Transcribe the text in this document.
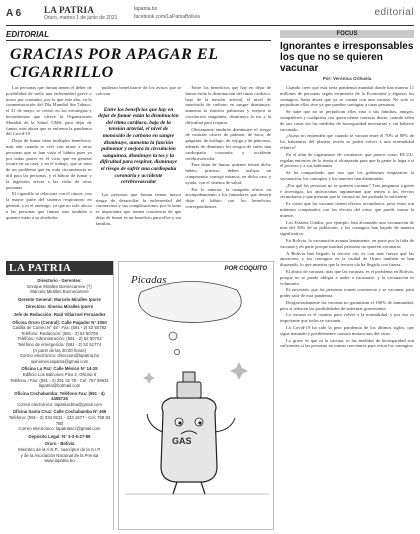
A 6	LA PATRIA
Oruro, martes 1 de junio de 2021
lapatria.bo
facebook.com/LaPatriaBolivia	editorial
EDITORIAL
GRACIAS POR APAGAR EL CIGARRILLO

Las personas que fuman tienen el deber de posibilidad de suelo una enfermedad grave o morir por consumo, por lo que este año, en la conmemoración del Día Mundial Sin Tabaco, el 31 de mayo, se centró en las estrategias y herramientas que ofrece la Organización Mundial de la Salud, OMS, para dejar de fumar, más ahora que se enfrenta la pandemia del Covid-19.

Dejar de fumar tiene múltiples beneficios, más aún cuando se vive con miras a otras personas que se han visto el hábito pues ya por todas partes es el vicio que en general ocurre en su casa, y en el trabajo, que se trata de un problema que en toda circunstancia es útil para las personas, y el hábito de fumar y la ingestión afecta a las vidas de otras personas.

El cigarrillo se relaciona con el cáncer, con la mayor parte del sistema respiratorio en general, y es el enemigo, ya que no solo afecta a las personas que fuman sino también a quienes están a su alrededor.

pudieran beneficiarse de los avisos que se colocan.

Entre los beneficios que hay en dejar de fumar están la disminución del ritmo cardiaco, bajo de la tensión arterial, el nivel de monóxido de carbono en sangre disminuye, aumenta la función pulmonar y mejora la circulación sanguínea, disminuye la tos y la dificultad para respirar, disminuye el riesgo de sufrir una cardiopatía coronaria y accidente cerebrovascular

Las personas que fuman tienen mayor riesgo de desarrollar la enfermedad del coronavirus y sus complicaciones, por lo tanto es importante que tomen conciencia de que dejar de fumar es un beneficio para ellos y sus familias.

Entre los beneficios que hay en dejar de fumar están la disminución del ritmo cardiaco, bajo de la tensión arterial, el nivel de monóxido de carbono en sangre disminuye, aumenta la función pulmonar y mejora la circulación sanguínea, disminuye la tos y la dificultad para respirar.

Obviamente también disminuye el riesgo de contraer cáncer de pulmón, de boca, de garganta, de esófago, de vejiga y de páncreas, además de disminuir los riesgos de sufrir una cardiopatía coronaria y accidente cerebrovascular.

Para dejar de fumar, quienes tienen dicho hábito, primero, deben realizar un compromiso consigo mismos, en dicho caso y ayuda, con el sistema de salud.

Por lo anterior, la campaña ofrece un acompañamiento a los fumadores que deseen dejar el hábito con los beneficios correspondientes.

FOCUS
Ignorantes e irresponsables los que no se quieren vacunar
Por: Verónica Orihuela

Cuando creer que esta seria pandemia mundial donde han muerto 11 millones de personas según estimativa de la Economist y algunos los contagios, hasta ahora que ya se cuenta con una vacuna. No solo se perjudican ellos sino ya que pueden contagiar a otras personas.

Se sabe que no se perjudican ellos sino a sus familias, amigos, compañeros y cualquiera con quien tienen contacto diario, cuando salen de sus casas sin las medidas de bioseguridad necesarias y sin haberse vacunado.

¿Acaso no entienden que cuando se vacuna entre el 70% al 80% de los habitantes del planeta recién se podrá volver a una normalidad relativa?

En el afán de organizarse de vacunarse, que parece como EE.UU. regalan entonces de lo tienta si alcanzarán para que la gente lo haga a sí el proceso y a sus habitantes.

Se ha comprobado que tras que los gobiernos empezaron la vacunación, los contagios y los muertos han disminuido.

¿Por qué las personas no se quieren vacunar? Tras preguntar a gente e investigar, los antivacunas argumentan que temen a los efectos secundarios y que piensan que la vacuna no fue probada lo suficiente.

Es cierto que las vacunas tienen efectos secundarios, pero estos son mínimos comparados con los efectos del virus, que puede causar la muerte.

Los Estados Unidos, por ejemplo, han alcanzado una vacunación de más del 50% de su población, y los contagios han bajado de manera significativa.

En Bolivia, la vacunación avanza lentamente, en parte por la falta de vacunas y en parte porque muchas personas no quieren vacunarse.

A Bolivia han llegado la tercera vía, es con más fuerza que las anteriores, y los contagios en la ciudad de Oruro también se han disparado, lo que muestra que la tercera ola ha llegado con fuerza.

El abuso de vacunas, más que las vacunas, es el problema en Bolivia, porque no se puede obligar a nadie a vacunarse, y la vacunación es voluntaria.

Es necesario que las personas tomen conciencia y se vacunen, para poder salir de esta pandemia.

Desgraciadamente las vacunas no garantizan el 100% de inmunidad, pero sí reducen las posibilidades de enfermar gravemente.

La vacuna es el camino para volver a la normalidad, y por eso es importante que todos se vacunen.

La Covid-19 ha sido la peor pandemia de los últimos siglos, que sigue matando y posiblemente causará mutaciones del virus.

Lo grave es que ni la vacuna, ni las medidas de bioseguridad son suficientes si las personas no toman conciencia para evitar los contagios.

LA PATRIA
Directorio - Gerentes:
Enrique Miralles Bonnecarrere (†)
Marcelo Miralles Bonnecarrere
Gerente General: Marcelo Miralles Iporre
Directora: Ximena Miralles Iporre
Jefe de Redacción: Raúl Villarroel Fernández
Oficina Oruro (Central): Calle Pagador N° 1050
Casilla de Correo N° 48 - Fax: (591 - 2) 52 50782
Teléfono: Redacción: (591 - 2) 52 50709
Teléfono: Administración: (591 - 2) 52 50703
Teléfono de emergencia: (591 - 2) 52 51774
(A partir de las 20:00 horas)
Correo electrónico: direccion@lapatria.bo
opiniones.lapatria@gmail.com
Oficina La Paz: Calle México N° 14-25
Edificio Los Balcones Piso 2, Oficina 6
Teléfono / Fax: (591 - 2) 291 32 79 - Cel: 767 69631
lapatria@hotmail.com
Oficina Cochabamba: Teléfono Fax: (591 - 4) 4458726
Correo electrónico: lapatriacbba@gmail.com
Oficina Santa Cruz: Calle Cochabamba N° 459
Teléfono: (591 - 3) 334 0531 - 333 1677 - Cel: 708 83 780
Correo electrónico: lapatriascz@gmail.com
Depósito Legal: N° 3-3-5-27-89
Oruro - Bolivia
Miembro de la A.N.P., suscriptor de la S.I.P.
y de la Asociación Nacional de la Prensa
www.lapatria.bo
Picadas
POR COQUITO
GAS
